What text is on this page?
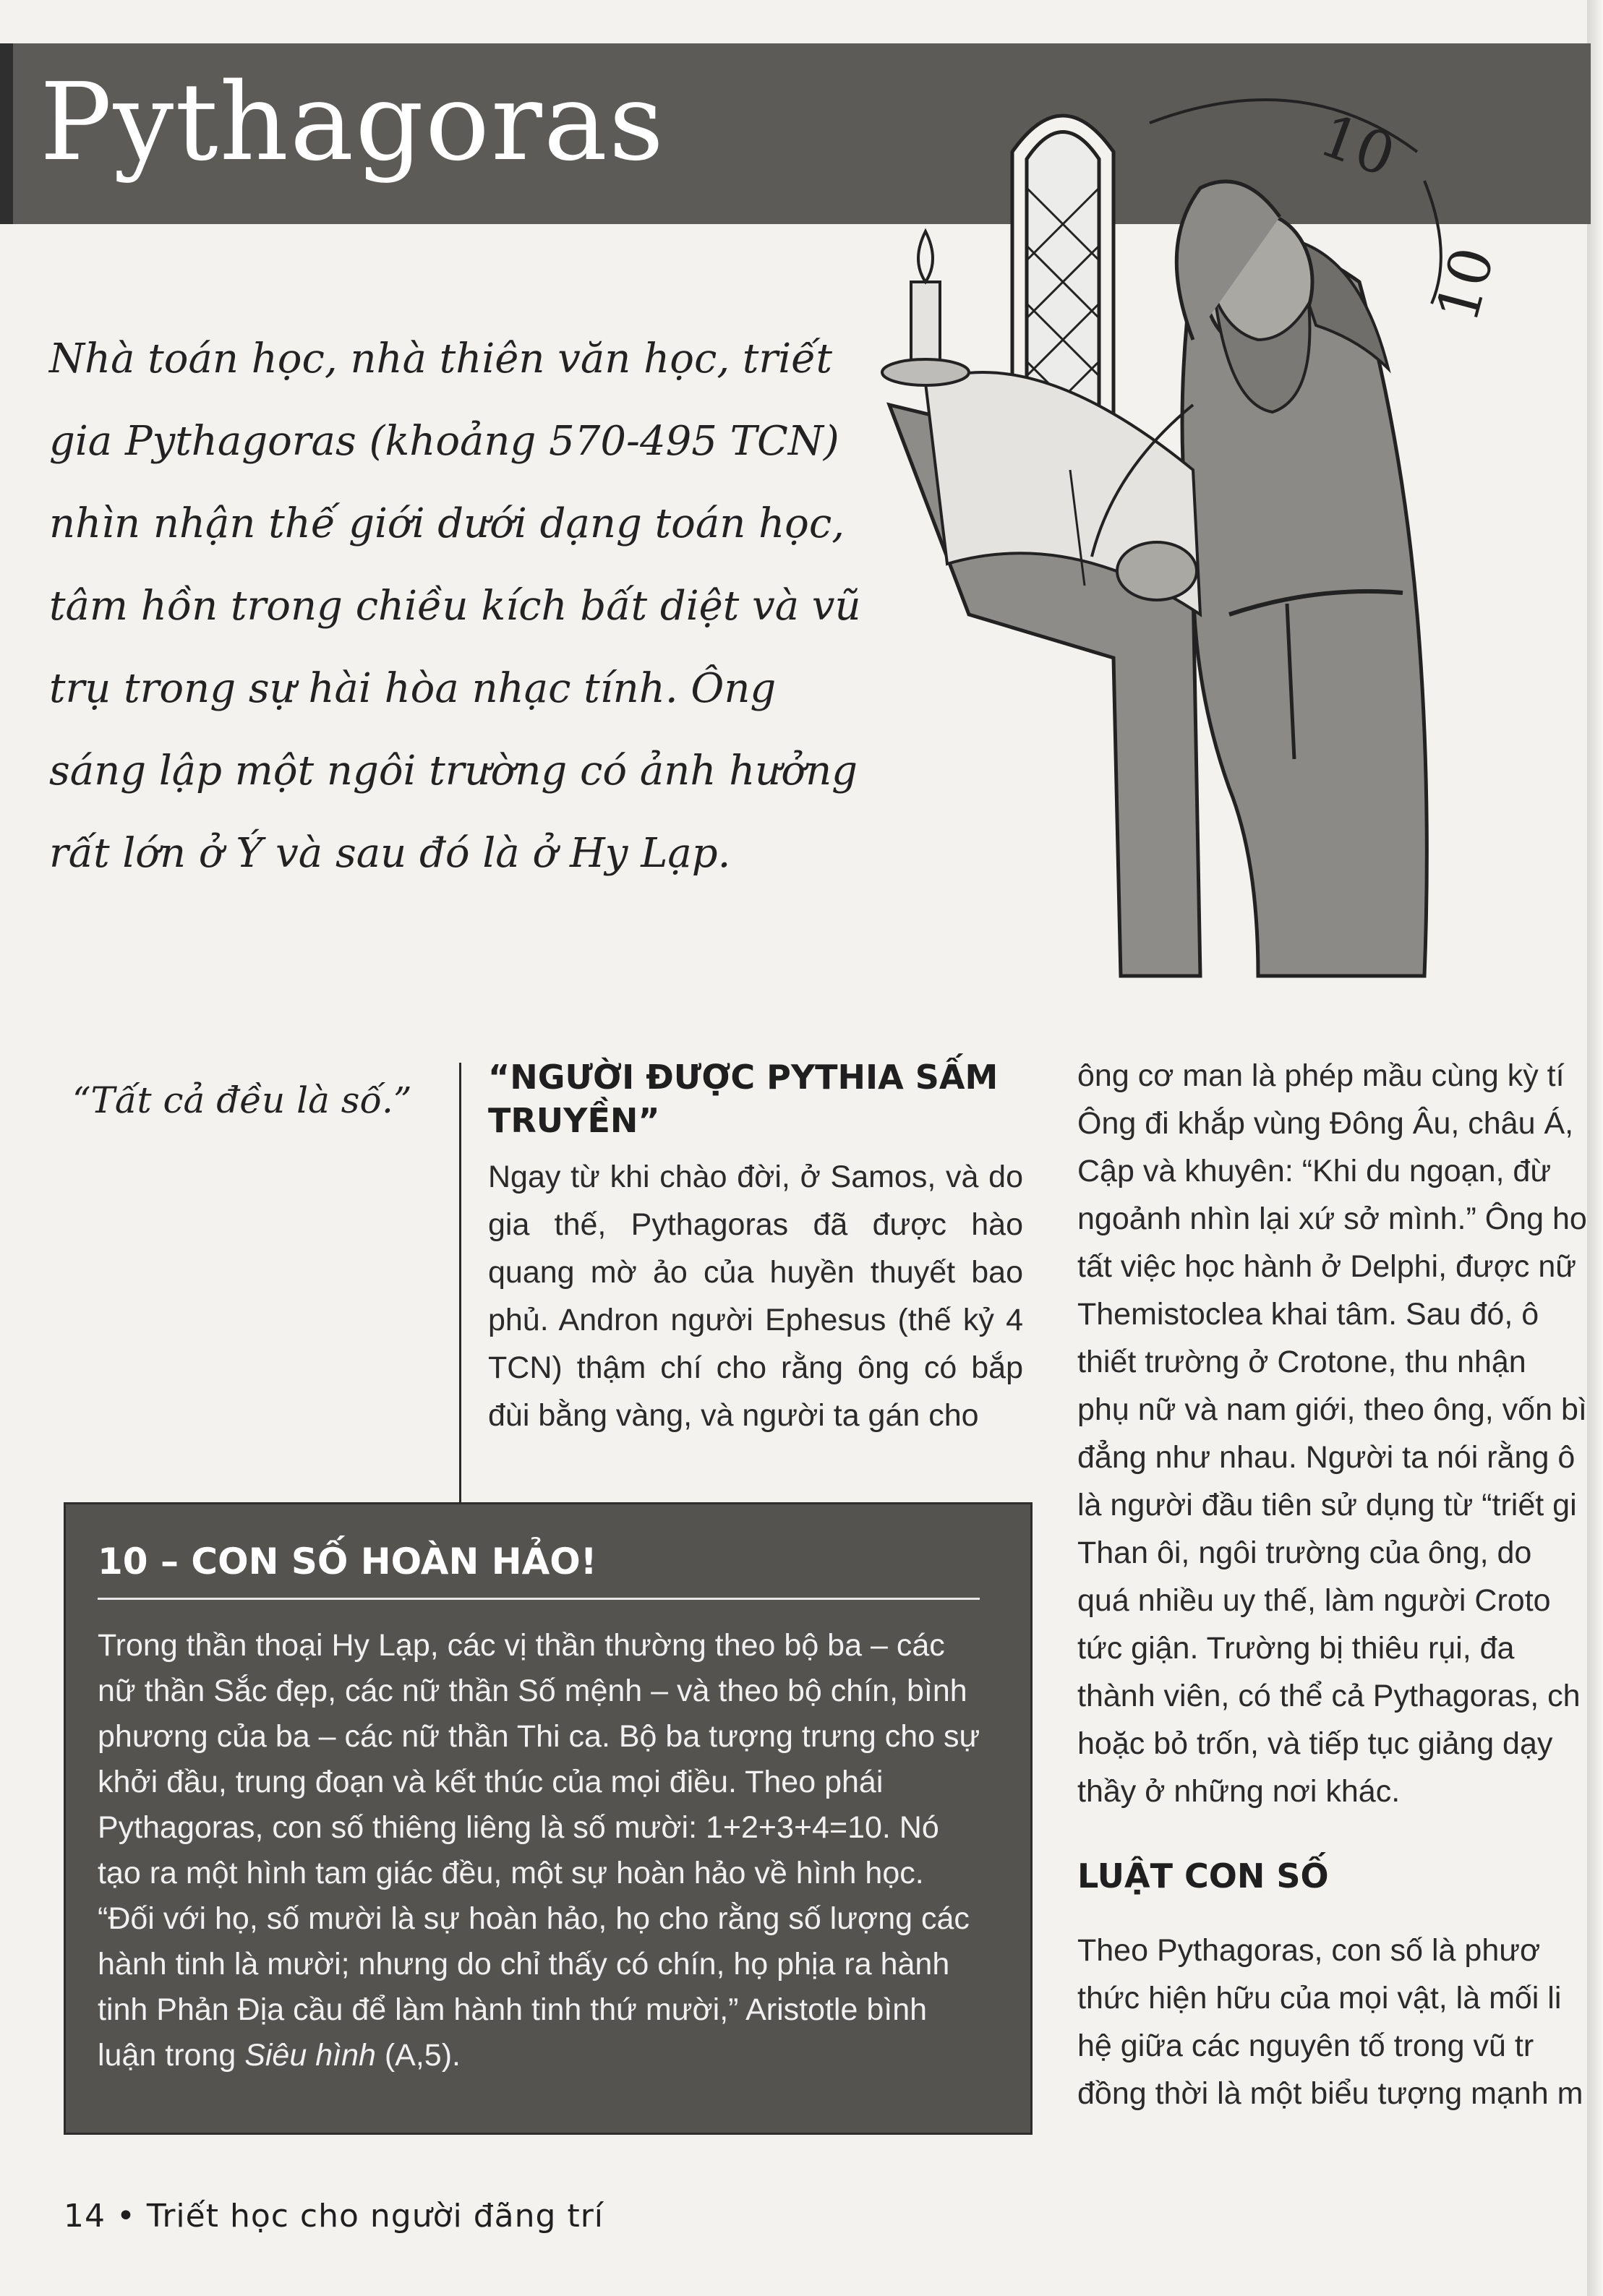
Pythagoras

Nhà toán học, nhà thiên văn học, triết gia Pythagoras (khoảng 570-495 TCN) nhìn nhận thế giới dưới dạng toán học, tâm hồn trong chiều kích bất diệt và vũ trụ trong sự hài hòa nhạc tính. Ông sáng lập một ngôi trường có ảnh hưởng rất lớn ở Ý và sau đó là ở Hy Lạp.

10
10
“Tất cả đều là số.”
“NGƯỜI ĐƯỢC PYTHIA SẤM TRUYỀN”

Ngay từ khi chào đời, ở Samos, và do gia thế, Pythagoras đã được hào quang mờ ảo của huyền thuyết bao phủ. Andron người Ephesus (thế kỷ 4 TCN) thậm chí cho rằng ông có bắp đùi bằng vàng, và người ta gán cho

ông cơ man là phép mầu cùng kỳ tí
Ông đi khắp vùng Đông Âu, châu Á,
Cập và khuyên: “Khi du ngoạn, đừ
ngoảnh nhìn lại xứ sở mình.” Ông ho
tất việc học hành ở Delphi, được nữ
Themistoclea khai tâm. Sau đó, ô
thiết trường ở Crotone, thu nhận
phụ nữ và nam giới, theo ông, vốn bì
đẳng như nhau. Người ta nói rằng ô
là người đầu tiên sử dụng từ “triết gi
Than ôi, ngôi trường của ông, do
quá nhiều uy thế, làm người Croto
tức giận. Trường bị thiêu rụi, đa
thành viên, có thể cả Pythagoras, ch
hoặc bỏ trốn, và tiếp tục giảng dạy
thầy ở những nơi khác.
LUẬT CON SỐ
Theo Pythagoras, con số là phươ
thức hiện hữu của mọi vật, là mối li
hệ giữa các nguyên tố trong vũ tr
đồng thời là một biểu tượng mạnh m
10 – CON SỐ HOÀN HẢO!

Trong thần thoại Hy Lạp, các vị thần thường theo bộ ba – các nữ thần Sắc đẹp, các nữ thần Số mệnh – và theo bộ chín, bình phương của ba – các nữ thần Thi ca. Bộ ba tượng trưng cho sự khởi đầu, trung đoạn và kết thúc của mọi điều. Theo phái Pythagoras, con số thiêng liêng là số mười: 1+2+3+4=10. Nó tạo ra một hình tam giác đều, một sự hoàn hảo về hình học. “Đối với họ, số mười là sự hoàn hảo, họ cho rằng số lượng các hành tinh là mười; nhưng do chỉ thấy có chín, họ phịa ra hành tinh Phản Địa cầu để làm hành tinh thứ mười,” Aristotle bình luận trong Siêu hình (A,5).

14 • Triết học cho người đãng trí
